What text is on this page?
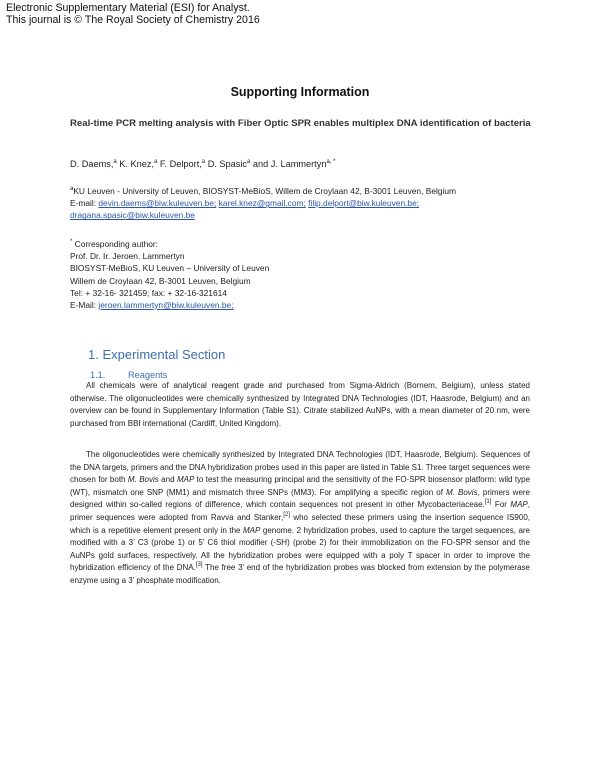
Electronic Supplementary Material (ESI) for Analyst.
This journal is © The Royal Society of Chemistry 2016
Supporting Information
Real-time PCR melting analysis with Fiber Optic SPR enables multiplex DNA identification of bacteria
D. Daems,$^a$ K. Knez,$^a$ F. Delport,$^a$ D. Spasic$^a$ and J. Lammertyn$^{a, *}$
$^a$KU Leuven - University of Leuven, BIOSYST-MeBioS, Willem de Croylaan 42, B-3001 Leuven, Belgium
E-mail: devin.daems@biw.kuleuven.be; karel.knez@gmail.com; filip.delport@biw.kuleuven.be;
dragana.spasic@biw.kuleuven.be
* Corresponding author:
Prof. Dr. Ir. Jeroen. Lammertyn
BIOSYST-MeBioS, KU Leuven – University of Leuven
Willem de Croylaan 42, B-3001 Leuven, Belgium
Tel: + 32-16- 321459; fax: + 32-16-321614
E-Mail: jeroen.lammertyn@biw.kuleuven.be;
1. Experimental Section
1.1. Reagents

All chemicals were of analytical reagent grade and purchased from Sigma-Aldrich (Bornem, Belgium), unless stated otherwise. The oligonucleotides were chemically synthesized by Integrated DNA Technologies (IDT, Haasrode, Belgium) and an overview can be found in Supplementary Information (Table S1). Citrate stabilized AuNPs, with a mean diameter of 20 nm, were purchased from BBI international (Cardiff, United Kingdom).

The oligonucleotides were chemically synthesized by Integrated DNA Technologies (IDT, Haasrode, Belgium). Sequences of the DNA targets, primers and the DNA hybridization probes used in this paper are listed in Table S1. Three target sequences were chosen for both M. Bovis and MAP to test the measuring principal and the sensitivity of the FO-SPR biosensor platform: wild type (WT), mismatch one SNP (MM1) and mismatch three SNPs (MM3). For amplifying a specific region of M. Bovis, primers were designed within so-called regions of difference, which contain sequences not present in other Mycobacteriaceae.[1] For MAP, primer sequences were adopted from Ravva and Stanker,[2] who selected these primers using the insertion sequence IS900, which is a repetitive element present only in the MAP genome. 2 hybridization probes, used to capture the target sequences, are modified with a 3’ C3 (probe 1) or 5’ C6 thiol modifier (-SH) (probe 2) for their immobilization on the FO-SPR sensor and the AuNPs gold surfaces, respectively. All the hybridization probes were equipped with a poly T spacer in order to improve the hybridization efficiency of the DNA.[3] The free 3’ end of the hybridization probes was blocked from extension by the polymerase enzyme using a 3’ phosphate modification.
